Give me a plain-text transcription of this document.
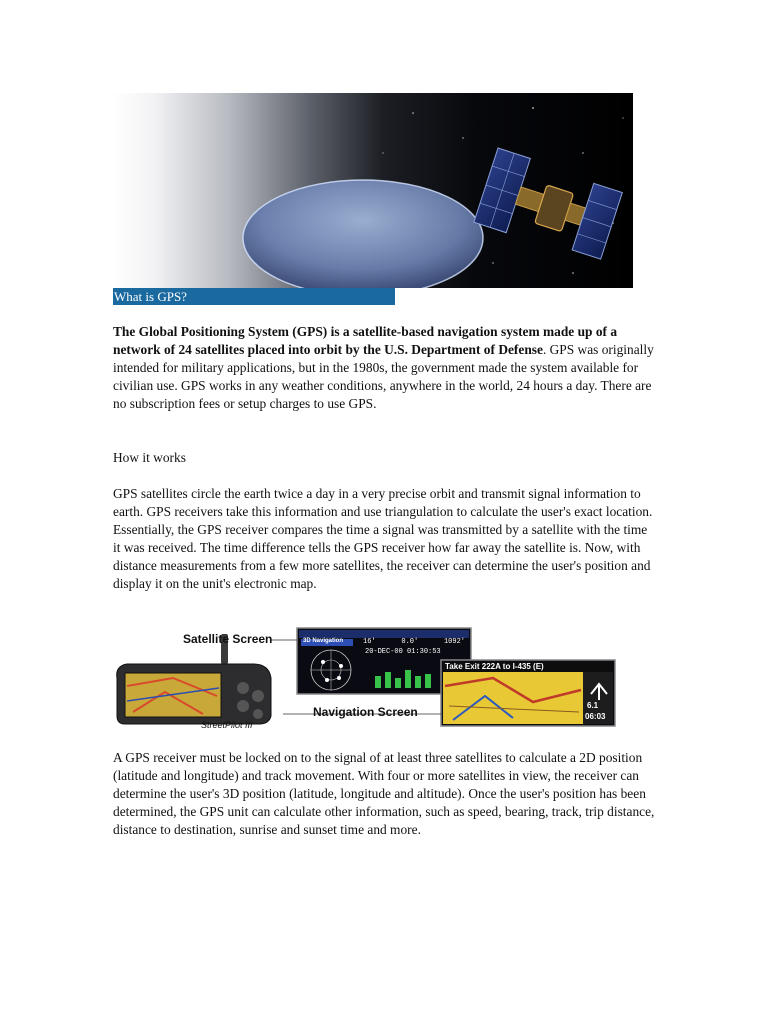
What is GPS?

The Global Positioning System (GPS) is a satellite-based navigation system made up of a network of 24 satellites placed into orbit by the U.S. Department of Defense. GPS was originally intended for military applications, but in the 1980s, the government made the system available for civilian use. GPS works in any weather conditions, anywhere in the world, 24 hours a day. There are no subscription fees or setup charges to use GPS.

How it works

GPS satellites circle the earth twice a day in a very precise orbit and transmit signal information to earth. GPS receivers take this information and use triangulation to calculate the user's exact location. Essentially, the GPS receiver compares the time a signal was transmitted by a satellite with the time it was received. The time difference tells the GPS receiver how far away the satellite is. Now, with distance measurements from a few more satellites, the receiver can determine the user's position and display it on the unit's electronic map.

Satellite Screen
Navigation Screen
StreetPilot III
3D Navigation	16'	0.0'	1092'
20-DEC-00 01:30:53
Take Exit 222A to I-435 (E)
6.1
06:03

A GPS receiver must be locked on to the signal of at least three satellites to calculate a 2D position (latitude and longitude) and track movement. With four or more satellites in view, the receiver can determine the user's 3D position (latitude, longitude and altitude). Once the user's position has been determined, the GPS unit can calculate other information, such as speed, bearing, track, trip distance, distance to destination, sunrise and sunset time and more.
